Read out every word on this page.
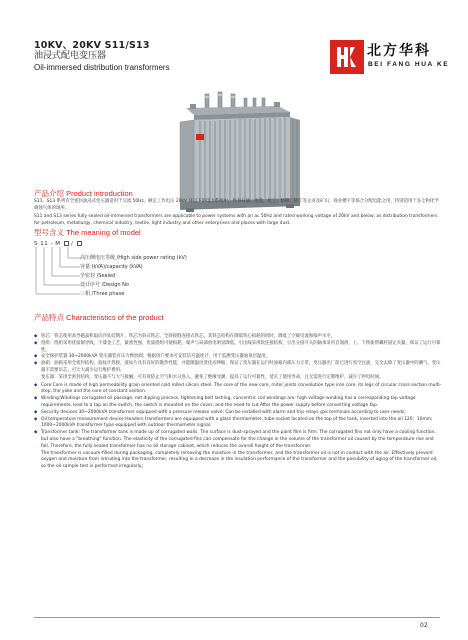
10KV、20KV S11/S13
油浸式配电变压器
Oil-immersed distribution transformers
北方华科
BEI FANG HUA KE
产品介绍 Product introduction
S11、S13 系列有全密封油浸式变压器适用于交流 50Hz、额定工作电压 20kV 及以下的电力系统中，作为石油、冶金、化工、纺织、轻工等企业及矿山、商业楼宇等场合分配电能之用，特别适用于多尘和化学腐蚀气体的场所。
S11 and S13 series fully sealed oil-immersed transformers are applicable to power systems with an ac 50Hz and rated working voltage of 20kV and below, as distribution transformers for petroleum, metallurgy, chemical industry, textile, light industry and other enterprises and places with large dust.
型号含义 The meaning of model
S 11 - M  /
高压侧电压等级 /High side power rating (kV)
容量 (kVA)/capacity (kVA)
全密封 /Sealed
设计序号 /Design No
三相 /Three phase
产品特点 Characteristics of the product
◆ 铁芯：铁芯使用高导磁晶粒取向冷轧硅钢片，铁芯为斜式铁芯，全斜接缝连接式铁芯，其铁芯结构在降低铁心损耗的同时，降低了空载电流和噪声水平。
◆ 绕组：绕组采用优质铜导线，不漆金工艺，紧密性强，优质绕组可使损耗、噪声与局部放电明显降低，引出线采用软连接结构，引出分接开关的轴承采用自润滑，上、下铁轭带螺杆固定夹紧，保证了运行可靠性。
◆ 安全保护装置 30~2000kVA 变压器装有压力释放阀；根据用户要求可安装信号温度计，用于监测变压器油顶层温度。
◆ 油箱：油箱采用全密封结构，波纹片焊接，波纹片具有良好的散热性能，并能随温度变化而伸缩，保证了变压器在运行时油箱内部压力正常，变压器出厂前已进行真空注油，完全去除了变压器中的潮气，变压器不需要吊芯，可大大减少运行维护费用。
变压器：采用全密封结构，变压器不与大气接触，可有效防止空气和水分进入，避免了绝缘受潮，提高了运行可靠性，延长了使用寿命，且无需进行定期维护，减少了停电时间。
◆ Core:Core is made of high permeability grain oriented cold rolled silicon steel. The core of the new core, miter joints convolution type iron core, its legs of circular cross section multi-step, the yoke and the core of constant section.
◆ Winding:Windings corrugated oil passage, not dipping process, tightening belt lashing, concentric coil windings are: high voltage winding has a corresponding tap voltage requirements, lead to a tap on the switch, the switch is mounted on the cover, and the need to cut After the power supply before converting voltage tap.
◆ Security devices:30~2000kVA transformer equipped with a pressure release valve; Can be installed with alarm and trip relays gas terminals according to user needs;
◆ Oil temperature measurement device:Headers transformers are equipped with a glass thermometer, tube socket located on the top of the tank, inserted into the oil 120；10mm; 1000~2000kVA transformer type equipped with outdoor thermometer signal.
◆ Transformer tank: The transformer tank is made up of corrugated walls. The surface is dust-sprayed and the paint film is firm. The corrugated fins not only have a cooling function, but also have a "breathing" function. The elasticity of the corrugated fins can compensate for the change in the volume of the transformer oil caused by the temperature rise and fall. Therefore, the fully sealed transformer has no oil storage cabinet, which reduces the overall height of the transformer.
The transformer is vacuum-filled during packaging, completely removing the moisture in the transformer, and the transformer oil is not in contact with the air. Effectively prevent oxygen and moisture from intruding into the transformer, resulting in a decrease in the insulation performance of the transformer and the possibility of aging of the transformer oil, so the oil sample test is performed irregularly;
02
